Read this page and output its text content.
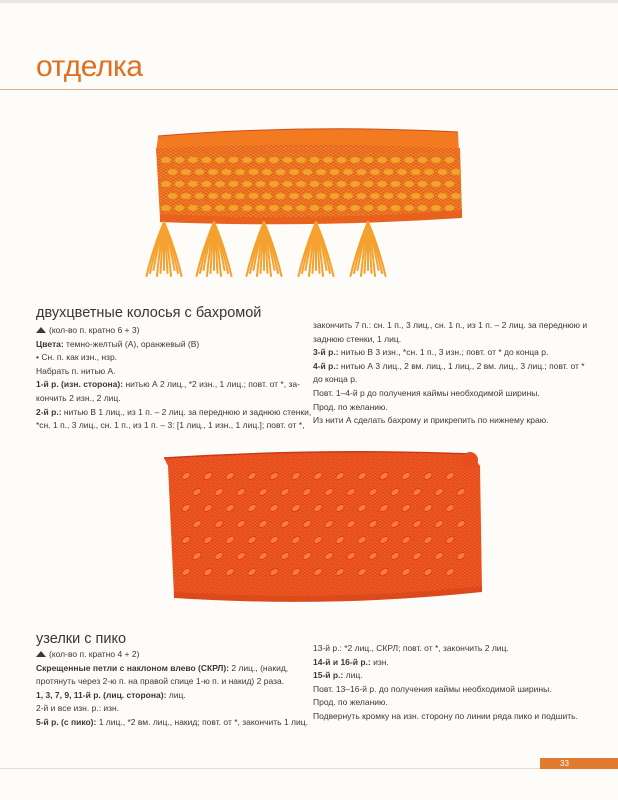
отделка
двухцветные колосья с бахромой

(кол-во п. кратно 6 + 3)

Цвета: темно-желтый (А), оранжевый (В)

• Сн. п. как изн., нзр.

Набрать п. нитью А.

1-й р. (изн. сторона): нитью А 2 лиц., *2 изн., 1 лиц.; повт. от *, за-

кончить 2 изн., 2 лиц.

2-й р.: нитью В 1 лиц., из 1 п. – 2 лиц. за переднюю и заднюю стенки,

*сн. 1 п., 3 лиц., сн. 1 п., из 1 п. – 3: [1 лиц., 1 изн., 1 лиц.]; повт. от *,

закончить 7 п.: сн. 1 п., 3 лиц., сн. 1 п., из 1 п. – 2 лиц. за переднюю и

заднюю стенки, 1 лиц.

3-й р.: нитью В 3 изн., *сн. 1 п., 3 изн.; повт. от * до конца р.

4-й р.: нитью А 3 лиц., 2 вм. лиц., 1 лиц., 2 вм. лиц., 3 лиц.; повт. от *

до конца р.

Повт. 1–4-й р до получения каймы необходимой ширины.

Прод. по желанию.

Из нити А сделать бахрому и прикрепить по нижнему краю.

узелки с пико

(кол-во п. кратно 4 + 2)

Скрещенные петли с наклоном влево (СКРЛ): 2 лиц., (накид,

протянуть через 2-ю п. на правой спице 1-ю п. и накид) 2 раза.

1, 3, 7, 9, 11-й р. (лиц. сторона): лиц.

2-й и все изн. р.: изн.

5-й р. (с пико): 1 лиц., *2 вм. лиц., накид; повт. от *, закончить 1 лиц.

13-й р.: *2 лиц., СКРЛ; повт. от *, закончить 2 лиц.

14-й и 16-й р.: изн.

15-й р.: лиц.

Повт. 13–16-й р. до получения каймы необходимой ширины.

Прод. по желанию.

Подвернуть кромку на изн. сторону по линии ряда пико и подшить.

33
